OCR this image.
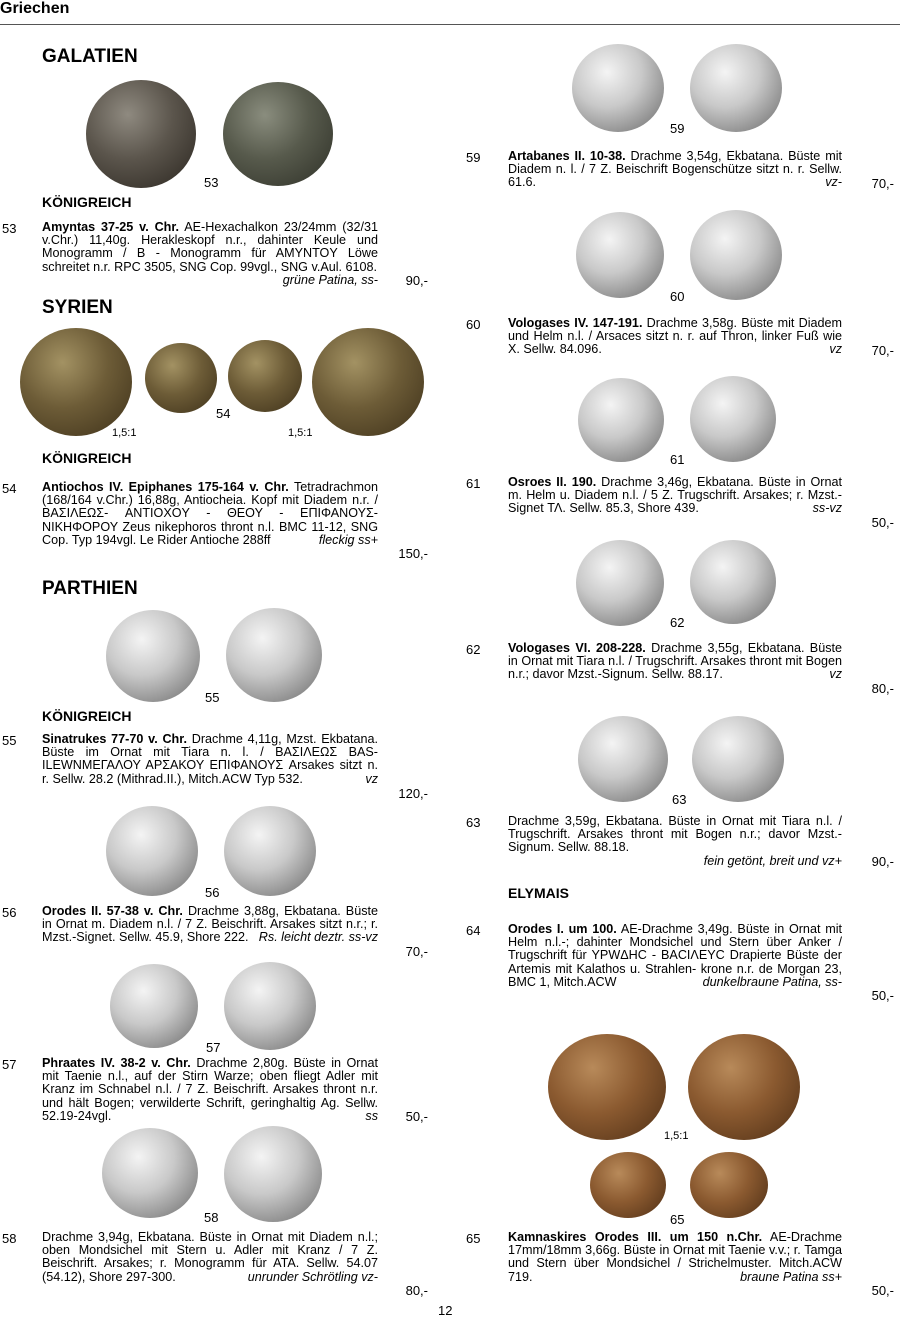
Griechen
GALATIEN
SYRIEN
PARTHIEN
ELYMAIS
KÖNIGREICH
KÖNIGREICH
KÖNIGREICH
53
54
1,5:1	1,5:1
55
56
57
58
59
60
61
62
63
1,5:1
65
53 Amyntas 37-25 v. Chr. AE-Hexachalkon 23/24mm (32/31 v.Chr.) 11,40g. Herakleskopf n.r., dahinter Keule und Monogramm / B - Monogramm für AMYNTOY Löwe schreitet n.r. RPC 3505, SNG Cop. 99vgl., SNG v.Aul. 6108.
grüne Patina, ss-	90,-
54 Antiochos IV. Epiphanes 175-164 v. Chr. Tetradrachmon (168/164 v.Chr.) 16,88g, Antiocheia. Kopf mit Diadem n.r. / ΒΑΣΙΛΕΩΣ- ANTIOXOY - ΘΕΟΥ - ΕΠΙΦΑΝΟΥΣ- ΝΙΚΗΦΟΡΟΥ Zeus nikephoros thront n.l. BMC 11-12, SNG Cop. Typ 194vgl. Le Rider Antioche 288ff	fleckig ss+
150,-
55 Sinatrukes 77-70 v. Chr. Drachme 4,11g, Mzst. Ekbatana. Büste im Ornat mit Tiara n. l. / ΒΑΣΙΛΕΩΣ BAS-ILEWNMEΓΑΛΟΥ ΑΡΣΑΚΟΥ ΕΠΙΦΑΝΟΥΣ Arsakes sitzt n. r. Sellw. 28.2 (Mithrad.II.), Mitch.ACW Typ 532.	vz
120,-
56 Orodes II. 57-38 v. Chr. Drachme 3,88g, Ekbatana. Büste in Ornat m. Diadem n.l. / 7 Z. Beischrift. Arsakes sitzt n.r.; r. Mzst.-Signet. Sellw. 45.9, Shore 222. Rs. leicht deztr. ss-vz
70,-
57 Phraates IV. 38-2 v. Chr. Drachme 2,80g. Büste in Ornat mit Taenie n.l., auf der Stirn Warze; oben fliegt Adler mit Kranz im Schnabel n.l. / 7 Z. Beischrift. Arsakes thront n.r. und hält Bogen; verwilderte Schrift, geringhaltig Ag. Sellw. 52.19-24vgl.	ss	50,-
58 Drachme 3,94g, Ekbatana. Büste in Ornat mit Diadem n.l.; oben Mondsichel mit Stern u. Adler mit Kranz / 7 Z. Beischrift. Arsakes; r. Monogramm für ATA. Sellw. 54.07 (54.12), Shore 297-300.	unrunder Schrötling vz-
80,-
59 Artabanes II. 10-38. Drachme 3,54g, Ekbatana. Büste mit Diadem n. l. / 7 Z. Beischrift Bogenschütze sitzt n. r. Sellw. 61.6.	vz-	70,-
60 Vologases IV. 147-191. Drachme 3,58g. Büste mit Diadem und Helm n.l. / Arsaces sitzt n. r. auf Thron, linker Fuß wie X. Sellw. 84.096.	vz	70,-
61 Osroes II. 190. Drachme 3,46g, Ekbatana. Büste in Ornat m. Helm u. Diadem n.l. / 5 Z. Trugschrift. Arsakes; r. Mzst.-Signet ΤΛ. Sellw. 85.3, Shore 439.	ss-vz
50,-
62 Vologases VI. 208-228. Drachme 3,55g, Ekbatana. Büste in Ornat mit Tiara n.l. / Trugschrift. Arsakes thront mit Bogen n.r.; davor Mzst.-Signum. Sellw. 88.17.	vz
80,-
63 Drachme 3,59g, Ekbatana. Büste in Ornat mit Tiara n.l. / Trugschrift. Arsakes thront mit Bogen n.r.; davor Mzst.-Signum. Sellw. 88.18.
fein getönt, breit und vz+	90,-
64 Orodes I. um 100. AE-Drachme 3,49g. Büste in Ornat mit Helm n.l.-; dahinter Mondsichel und Stern über Anker / Trugschrift für YPWΔHC - BACIΛEYC Drapierte Büste der Artemis mit Kalathos u. Strahlen- krone n.r. de Morgan 23, BMC 1, Mitch.ACW	dunkelbraune Patina, ss-
50,-
65 Kamnaskires Orodes III. um 150 n.Chr. AE-Drachme 17mm/18mm 3,66g. Büste in Ornat mit Taenie v.v.; r. Tamga und Stern über Mondsichel / Strichelmuster. Mitch.ACW 719.	braune Patina ss+
50,-
12
